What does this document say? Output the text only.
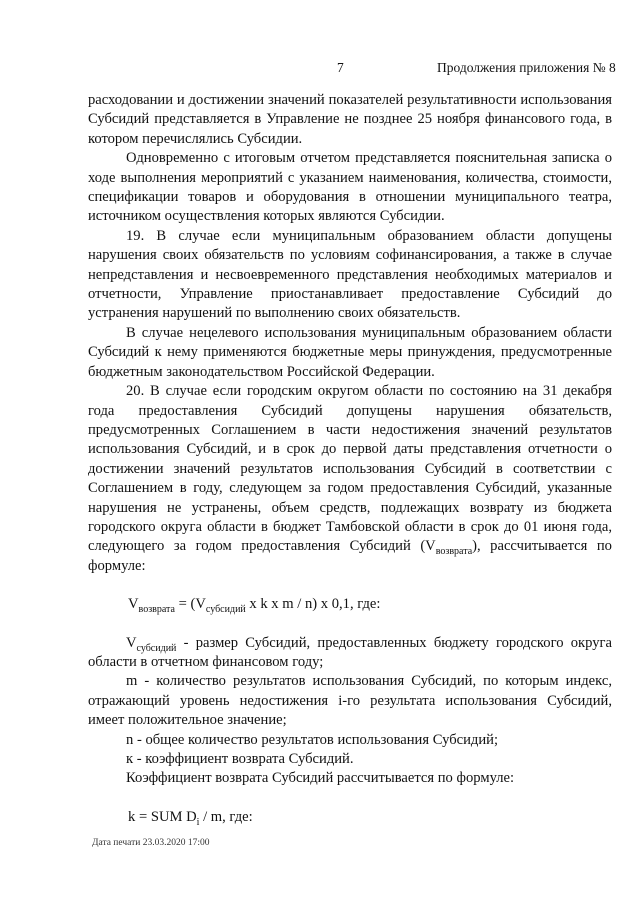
7	Продолжения приложения № 8

расходовании и достижении значений показателей результативности использования Субсидий представляется в Управление не позднее 25 ноября финансового года, в котором перечислялись Субсидии.

Одновременно с итоговым отчетом представляется пояснительная записка о ходе выполнения мероприятий с указанием наименования, количества, стоимости, спецификации товаров и оборудования в отношении муниципального театра, источником осуществления которых являются Субсидии.

19. В случае если муниципальным образованием области допущены нарушения своих обязательств по условиям софинансирования, а также в случае непредставления и несвоевременного представления необходимых материалов и отчетности, Управление приостанавливает предоставление Субсидий до устранения нарушений по выполнению своих обязательств.

В случае нецелевого использования муниципальным образованием области Субсидий к нему применяются бюджетные меры принуждения, предусмотренные бюджетным законодательством Российской Федерации.

20. В случае если городским округом области по состоянию на 31 декабря года предоставления Субсидий допущены нарушения обязательств, предусмотренных Соглашением в части недостижения значений результатов использования Субсидий, и в срок до первой даты представления отчетности о достижении значений результатов использования Субсидий в соответствии с Соглашением в году, следующем за годом предоставления Субсидий, указанные нарушения не устранены, объем средств, подлежащих возврату из бюджета городского округа области в бюджет Тамбовской области в срок до 01 июня года, следующего за годом предоставления Субсидий $(V_{возврата})$, рассчитывается по формуле:

$V_{возврата} = (V_{субсидий}$ x k x m / n) x 0,1, где:

$V_{субсидий}$ - размер Субсидий, предоставленных бюджету городского округа области в отчетном финансовом году;

m - количество результатов использования Субсидий, по которым индекс, отражающий уровень недостижения i-го результата использования Субсидий, имеет положительное значение;

n - общее количество результатов использования Субсидий;

к - коэффициент возврата Субсидий.

Коэффициент возврата Субсидий рассчитывается по формуле:

k = SUM $D_i$ / m, где:

Дата печати 23.03.2020 17:00
